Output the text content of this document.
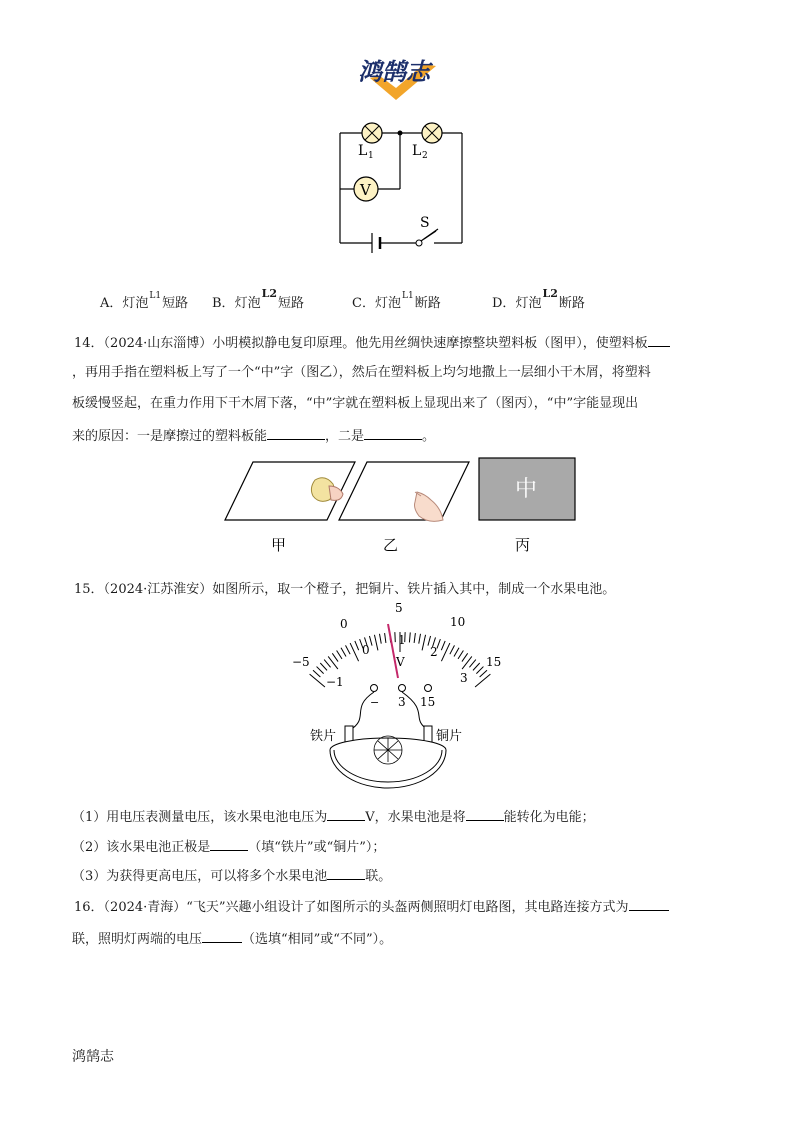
鸿鹄志
V
L 1	L 2
S
A．灯泡$^{L1}$短路 B．灯泡$^{L2}$短路	C．灯泡$^{L1}$断路	D．灯泡$^{L2}$断路
14．（2024·山东淄博）小明模拟静电复印原理。他先用丝绸快速摩擦整块塑料板（图甲），使塑料板
，再用手指在塑料板上写了一个“中”字（图乙），然后在塑料板上均匀地撒上一层细小干木屑，将塑料
板缓慢竖起，在重力作用下干木屑下落，“中”字就在塑料板上显现出来了（图丙），“中”字能显现出
来的原因：一是摩擦过的塑料板能	，二是	。
中
甲	乙	丙
15．（2024·江苏淮安）如图所示，取一个橙子，把铜片、铁片插入其中，制成一个水果电池。
−5
0
5
10
15
−1
0
1
2
3
V
− 3 15
铁片	铜片
（1）用电压表测量电压，该水果电池电压为	V，水果电池是将	能转化为电能；
（2）该水果电池正极是	（填“铁片”或“铜片”）；
（3）为获得更高电压，可以将多个水果电池	联。
16．（2024·青海）“飞天”兴趣小组设计了如图所示的头盔两侧照明灯电路图，其电路连接方式为
联，照明灯两端的电压	（选填“相同”或“不同”）。
鸿鹄志
